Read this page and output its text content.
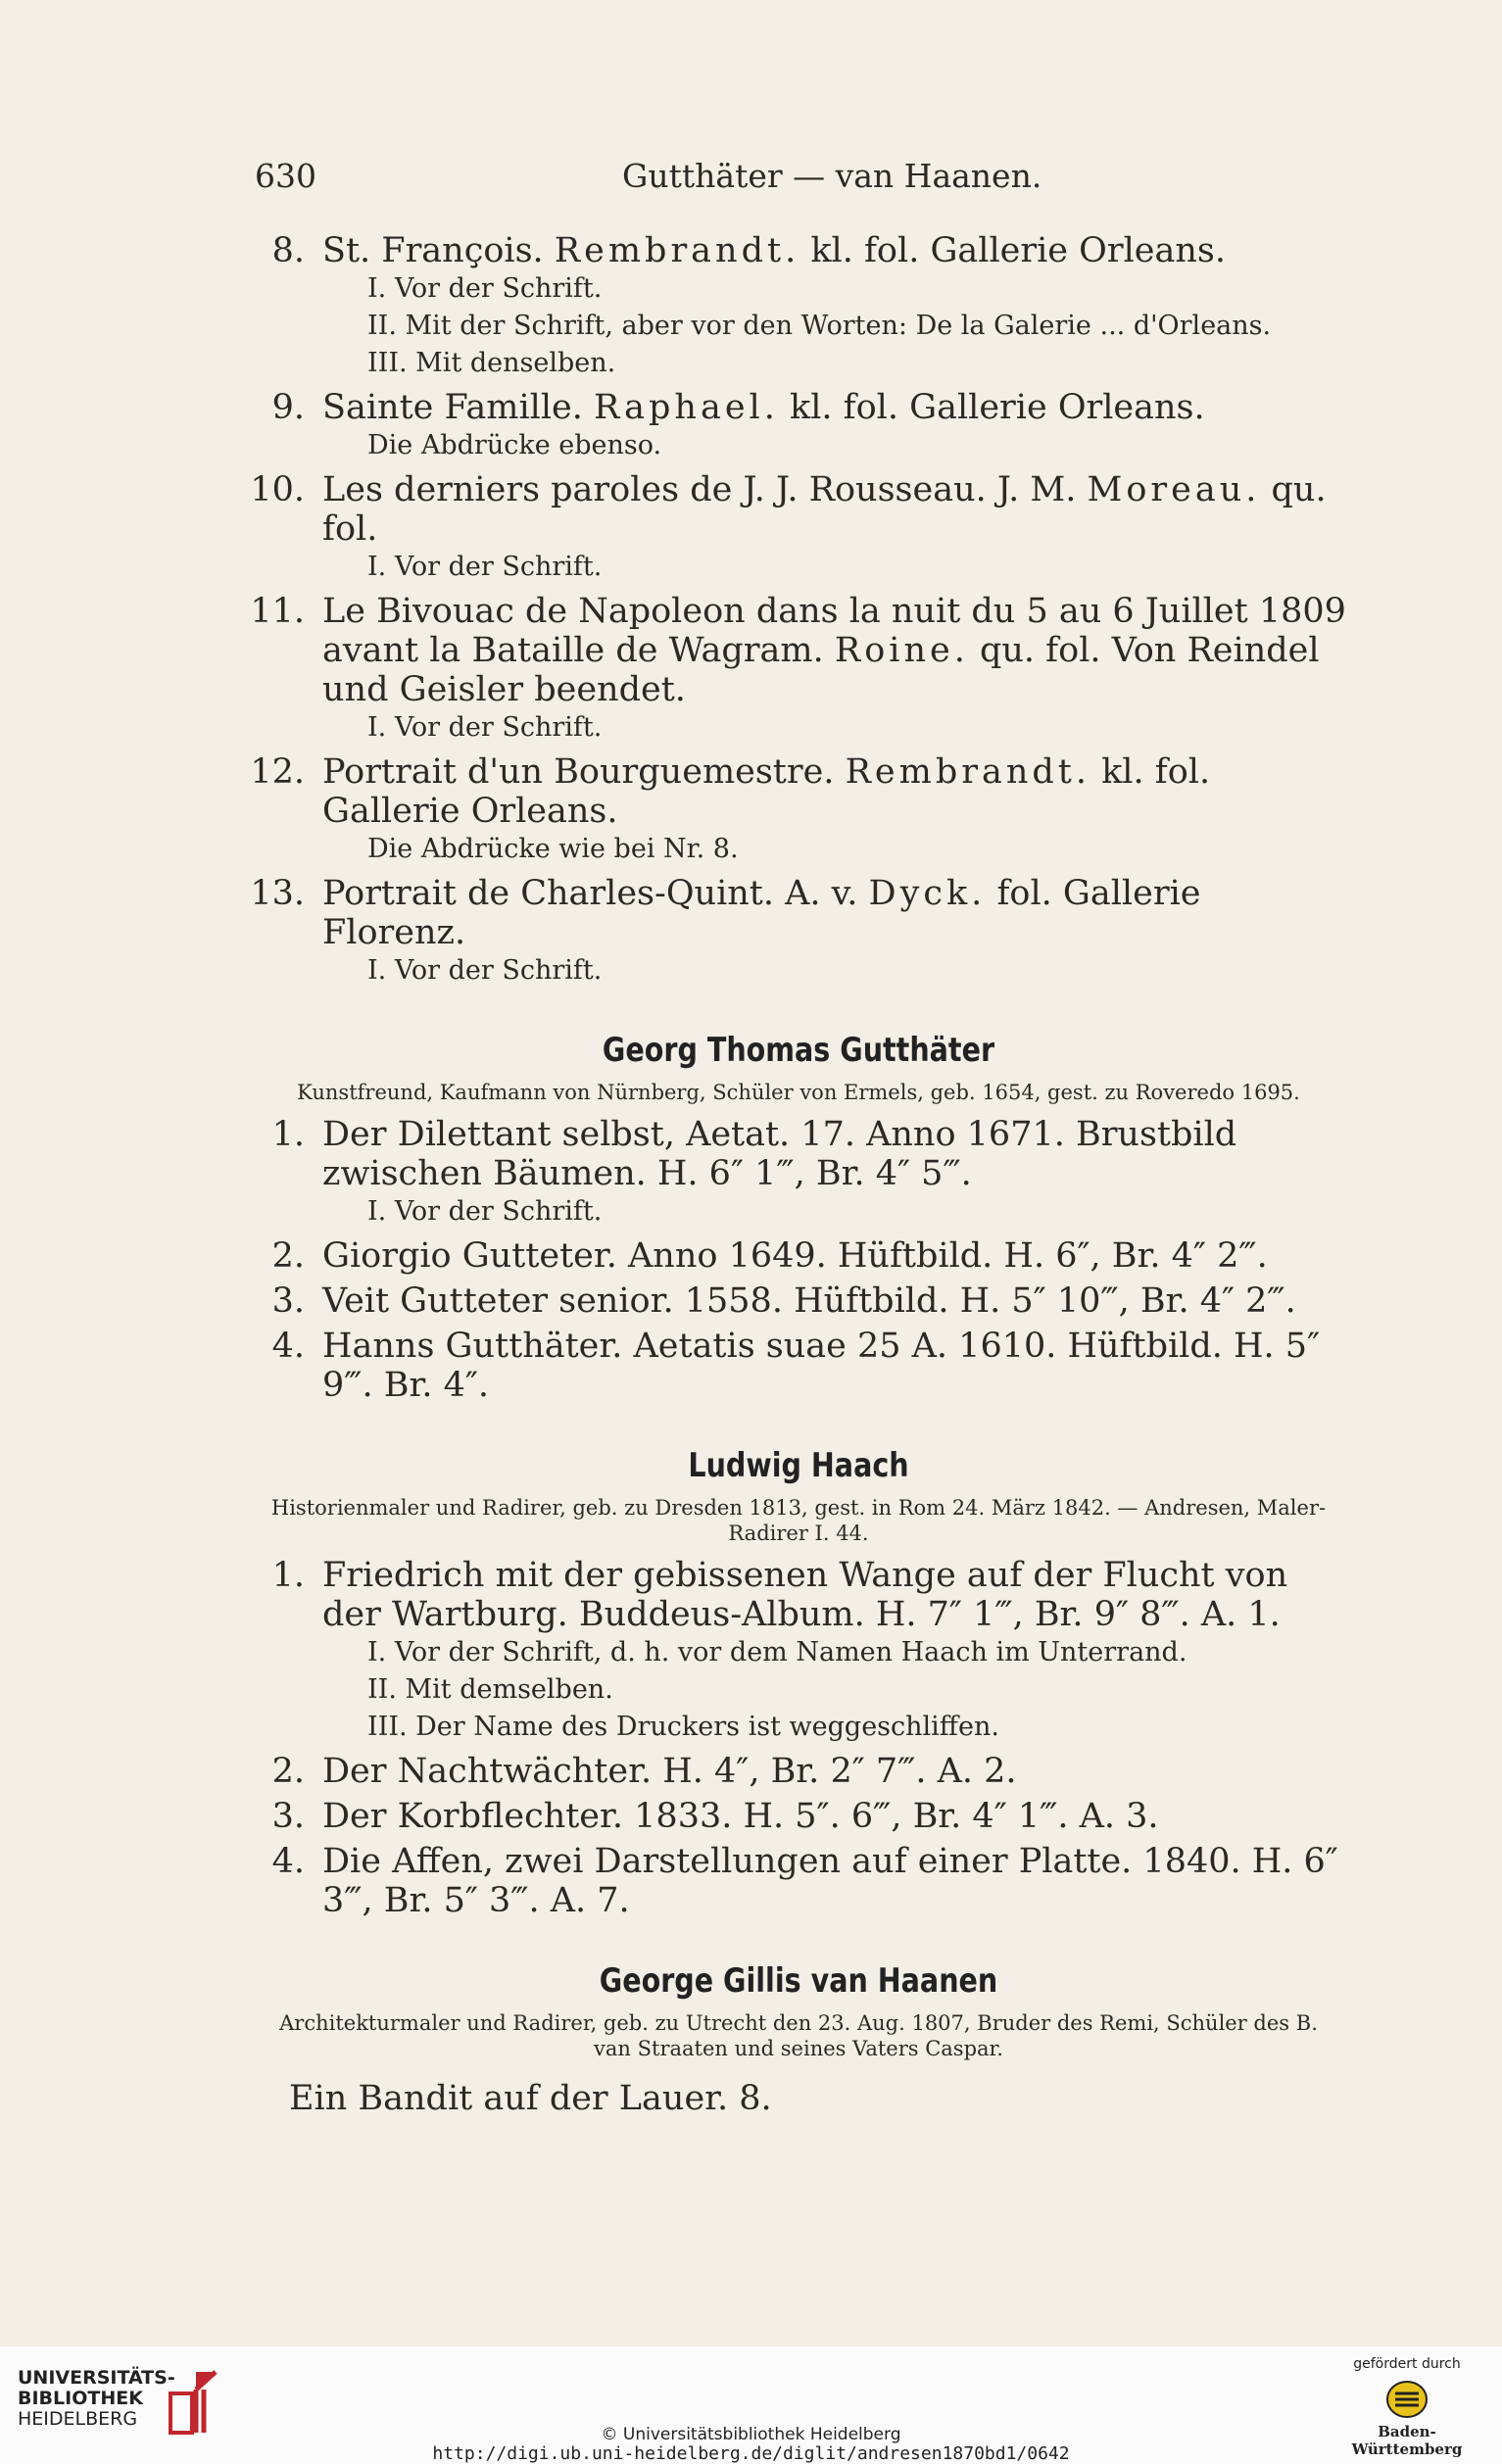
630	Gutthäter — van Haanen.
8. St. François. Rembrandt. kl. fol. Gallerie Orleans.
I. Vor der Schrift.
II. Mit der Schrift, aber vor den Worten: De la Galerie ... d'Orleans.
III. Mit denselben.
9. Sainte Famille. Raphael. kl. fol. Gallerie Orleans.
Die Abdrücke ebenso.
10. Les derniers paroles de J. J. Rousseau. J. M. Moreau. qu. fol.
I. Vor der Schrift.
11. Le Bivouac de Napoleon dans la nuit du 5 au 6 Juillet 1809 avant la Bataille de Wagram. Roine. qu. fol. Von Reindel und Geisler beendet.
I. Vor der Schrift.
12. Portrait d'un Bourguemestre. Rembrandt. kl. fol. Gallerie Orleans.
Die Abdrücke wie bei Nr. 8.
13. Portrait de Charles-Quint. A. v. Dyck. fol. Gallerie Florenz.
I. Vor der Schrift.
Georg Thomas Gutthäter
Kunstfreund, Kaufmann von Nürnberg, Schüler von Ermels, geb. 1654, gest. zu Roveredo 1695.
1. Der Dilettant selbst, Aetat. 17. Anno 1671. Brustbild zwischen Bäumen. H. 6″ 1‴, Br. 4″ 5‴.
I. Vor der Schrift.
2. Giorgio Gutteter. Anno 1649. Hüftbild. H. 6″, Br. 4″ 2‴.
3. Veit Gutteter senior. 1558. Hüftbild. H. 5″ 10‴, Br. 4″ 2‴.
4. Hanns Gutthäter. Aetatis suae 25 A. 1610. Hüftbild. H. 5″ 9‴. Br. 4″.
Ludwig Haach
Historienmaler und Radirer, geb. zu Dresden 1813, gest. in Rom 24. März 1842. — Andresen, Maler-Radirer I. 44.
1. Friedrich mit der gebissenen Wange auf der Flucht von der Wartburg. Buddeus-Album. H. 7″ 1‴, Br. 9″ 8‴. A. 1.
I. Vor der Schrift, d. h. vor dem Namen Haach im Unterrand.
II. Mit demselben.
III. Der Name des Druckers ist weggeschliffen.
2. Der Nachtwächter. H. 4″, Br. 2″ 7‴. A. 2.
3. Der Korbflechter. 1833. H. 5″. 6‴, Br. 4″ 1‴. A. 3.
4. Die Affen, zwei Darstellungen auf einer Platte. 1840. H. 6″ 3‴, Br. 5″ 3‴. A. 7.
George Gillis van Haanen
Architekturmaler und Radirer, geb. zu Utrecht den 23. Aug. 1807, Bruder des Remi, Schüler des B. van Straaten und seines Vaters Caspar.
Ein Bandit auf der Lauer. 8.
UNIVERSITÄTS-
BIBLIOTHEK
HEIDELBERG
© Universitätsbibliothek Heidelberg
http://digi.ub.uni-heidelberg.de/diglit/andresen1870bd1/0642
gefördert durch
Baden-Württemberg
